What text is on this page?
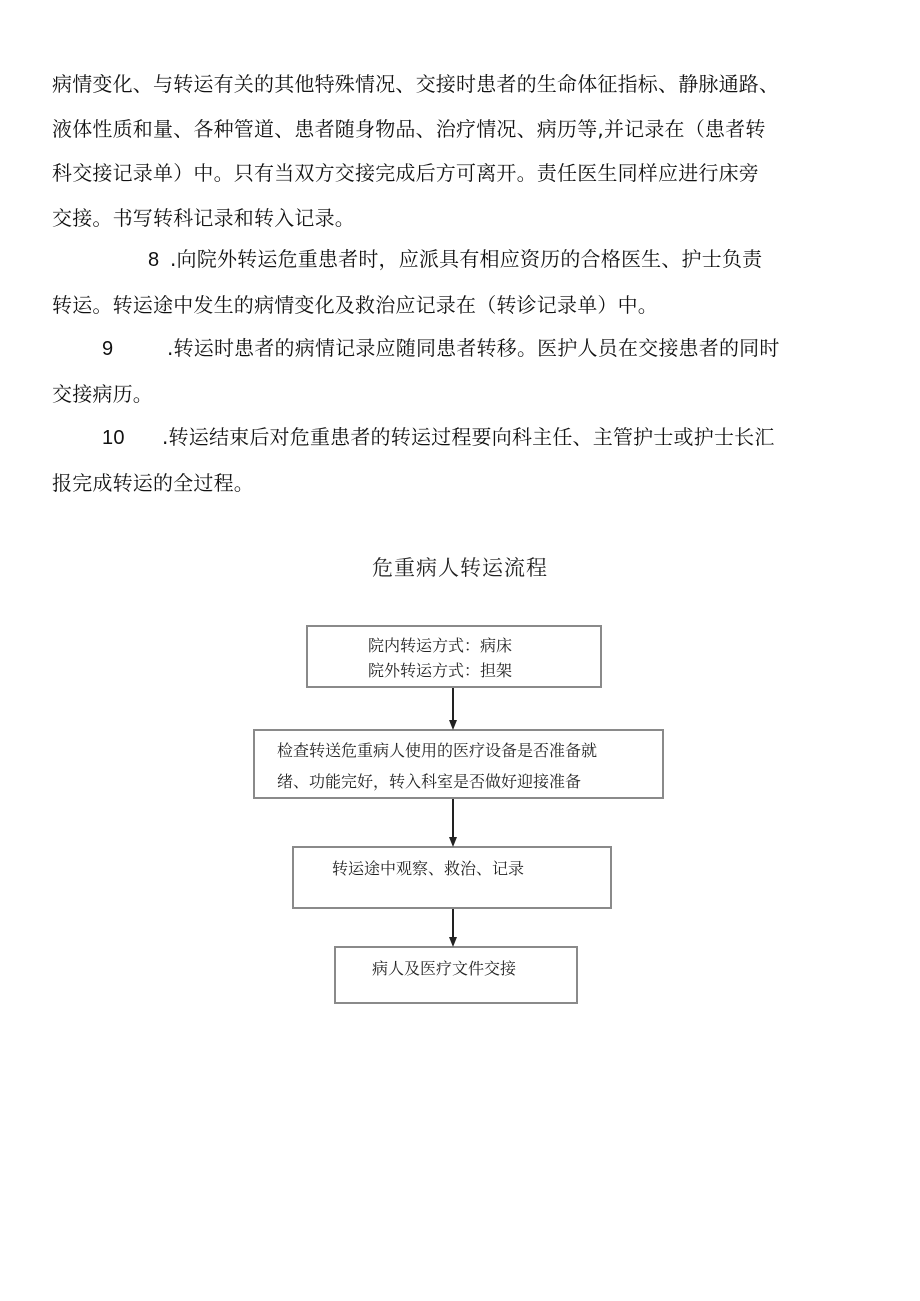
病情变化、与转运有关的其他特殊情况、交接时患者的生命体征指标、静脉通路、
液体性质和量、各种管道、患者随身物品、治疗情况、病历等,并记录在（患者转
科交接记录单）中。只有当双方交接完成后方可离开。责任医生同样应进行床旁
交接。书写转科记录和转入记录。

8 .向院外转运危重患者时，应派具有相应资历的合格医生、护士负责
转运。转运途中发生的病情变化及救治应记录在（转诊记录单）中。

9	.转运时患者的病情记录应随同患者转移。医护人员在交接患者的同时
交接病历。

10 .转运结束后对危重患者的转运过程要向科主任、主管护士或护士长汇
报完成转运的全过程。

危重病人转运流程
院内转运方式：病床
院外转运方式：担架
检查转送危重病人使用的医疗设备是否准备就
绪、功能完好，转入科室是否做好迎接准备
转运途中观察、救治、记录
病人及医疗文件交接
